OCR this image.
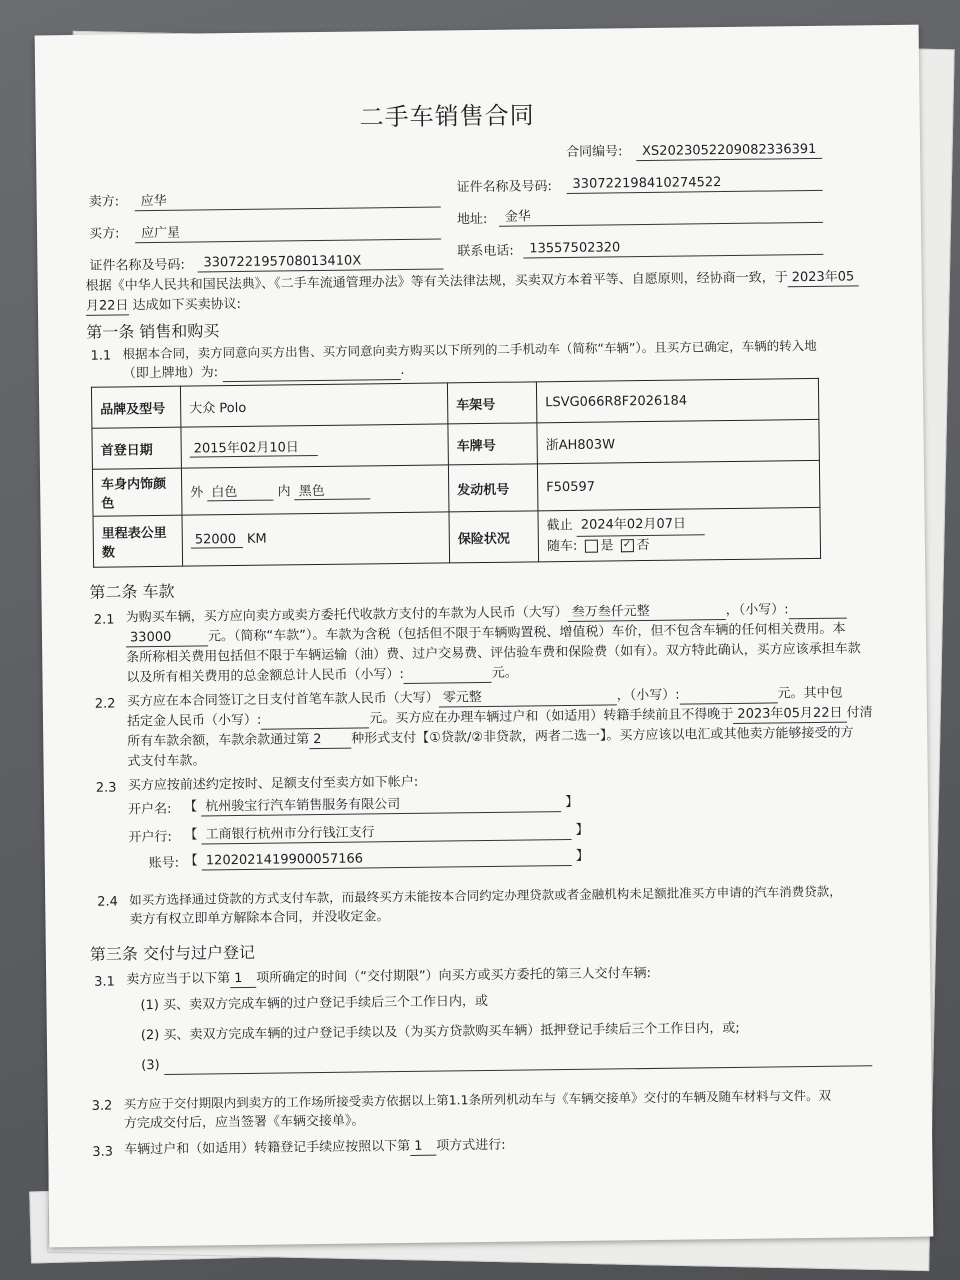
二手车销售合同
合同编号:	XS2023052209082336391
卖方:	应华
证件名称及号码:	330722198410274522
买方:	应广星
地址:	金华
证件名称及号码:	330722195708013410X
联系电话:	13557502320
根据《中华人民共和国民法典》、《二手车流通管理办法》等有关法律法规，买卖双方本着平等、自愿原则，经协商一致，于 2023年05
月22日 达成如下买卖协议:
第一条 销售和购买
1.1 根据本合同，卖方同意向买方出售、买方同意向卖方购买以下所列的二手机动车（简称“车辆”）。且买方已确定，车辆的转入地
（即上牌地）为:	.
品牌及型号	大众 Polo	车架号	LSVG066R8F2026184
首登日期	2015年02月10日	车牌号	浙AH803W
车身内饰颜色	外 白色 内 黑色	发动机号	F50597
里程表公里数	52000 KM	保险状况	截止 2024年02月07日
随车: 是 ✓ 否
第二条 车款
2.1 为购买车辆，买方应向卖方或卖方委托代收款方支付的车款为人民币（大写） 叁万叁仟元整	，（小写）:
33000	元。（简称“车款”）。车款为含税（包括但不限于车辆购置税、增值税）车价，但不包含车辆的任何相关费用。本
条所称相关费用包括但不限于车辆运输（油）费、过户交易费、评估验车费和保险费（如有）。双方特此确认，买方应该承担车款
以及所有相关费用的总金额总计人民币（小写）:	元。
2.2 买方应在本合同签订之日支付首笔车款人民币（大写） 零元整	，（小写）:	元。其中包
括定金人民币（小写）:	元。买方应在办理车辆过户和（如适用）转籍手续前且不得晚于 2023年05月22日 付清
所有车款余额，车款余款通过第 2 种形式支付【①贷款/②非贷款，两者二选一】。买方应该以电汇或其他卖方能够接受的方
式支付车款。
2.3 买方应按前述约定按时、足额支付至卖方如下帐户:
开户名: 【 杭州骏宝行汽车销售服务有限公司	】
开户行: 【 工商银行杭州市分行钱江支行	】
账号: 【 1202021419900057166	】
2.4 如买方选择通过贷款的方式支付车款，而最终买方未能按本合同约定办理贷款或者金融机构未足额批准买方申请的汽车消费贷款，
卖方有权立即单方解除本合同，并没收定金。
第三条 交付与过户登记
3.1 卖方应当于以下第 1 项所确定的时间（“交付期限”）向买方或买方委托的第三人交付车辆:
(1) 买、卖双方完成车辆的过户登记手续后三个工作日内，或
(2) 买、卖双方完成车辆的过户登记手续以及（为买方贷款购买车辆）抵押登记手续后三个工作日内，或;
(3)
3.2 买方应于交付期限内到卖方的工作场所接受卖方依据以上第1.1条所列机动车与《车辆交接单》交付的车辆及随车材料与文件。双
方完成交付后，应当签署《车辆交接单》。
3.3 车辆过户和（如适用）转籍登记手续应按照以下第 1 项方式进行:
